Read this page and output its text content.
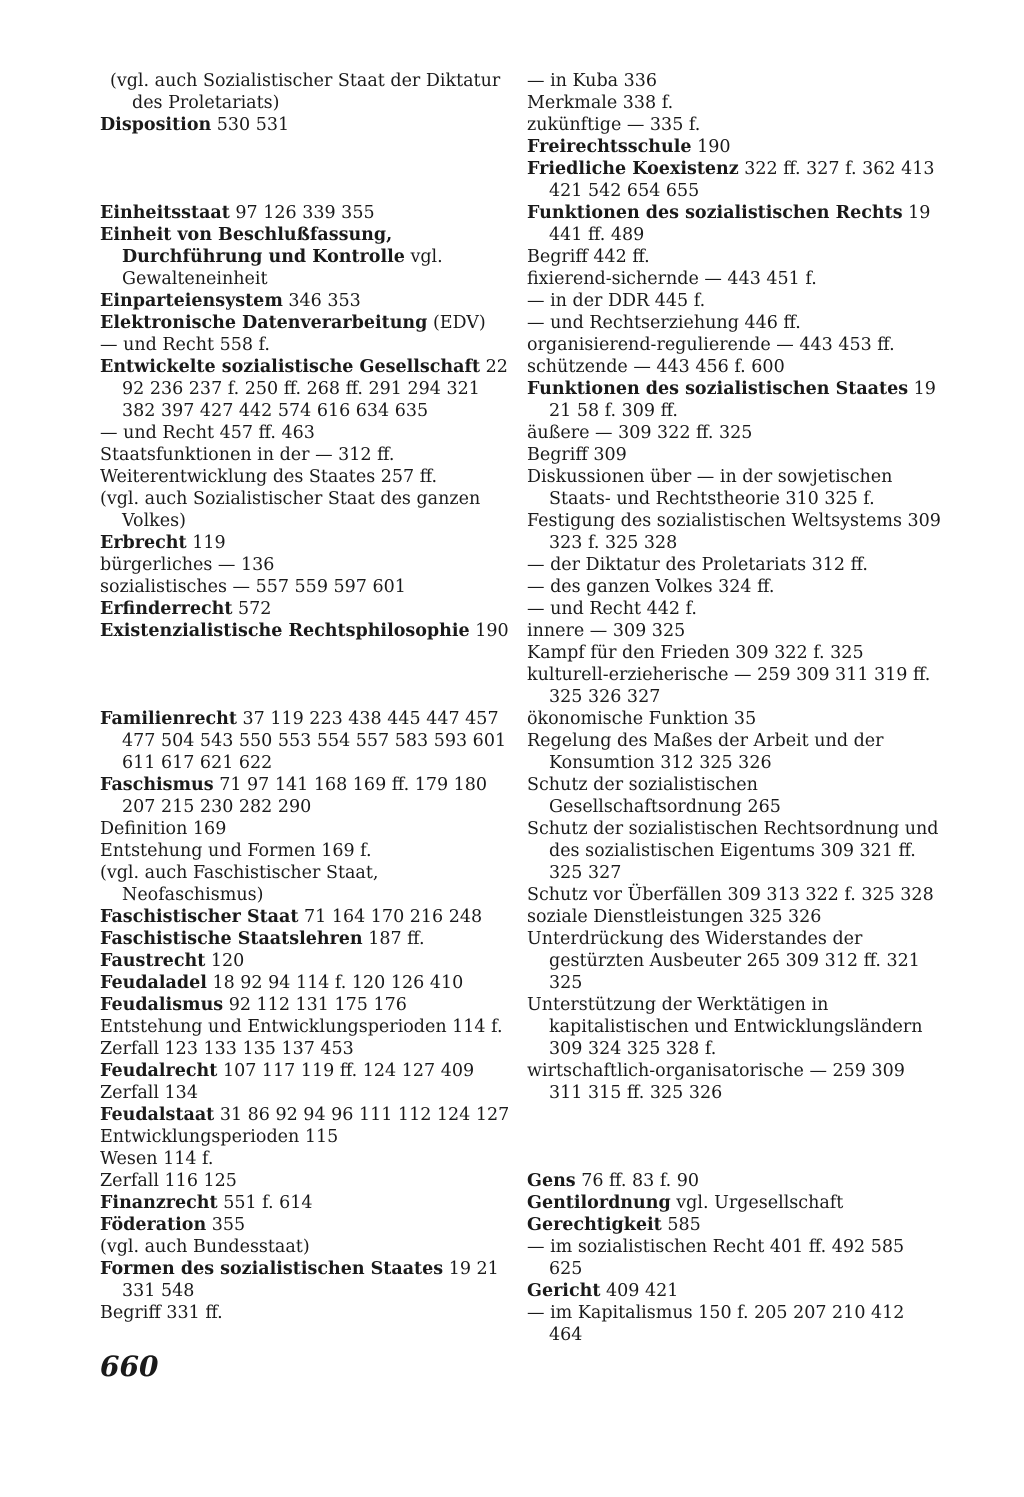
(vgl. auch Sozialistischer Staat der Diktatur des Proletariats)

Disposition 530 531

Einheitsstaat 97 126 339 355

Einheit von Beschlußfassung, Durchführung und Kontrolle vgl. Gewalteneinheit

Einparteiensystem 346 353

Elektronische Datenverarbeitung (EDV)

— und Recht 558 f.

Entwickelte sozialistische Gesellschaft 22 92 236 237 f. 250 ff. 268 ff. 291 294 321 382 397 427 442 574 616 634 635

— und Recht 457 ff. 463

Staatsfunktionen in der — 312 ff.

Weiterentwicklung des Staates 257 ff.

(vgl. auch Sozialistischer Staat des ganzen Volkes)

Erbrecht 119

bürgerliches — 136

sozialistisches — 557 559 597 601

Erfinderrecht 572

Existenzialistische Rechtsphilosophie 190

Familienrecht 37 119 223 438 445 447 457 477 504 543 550 553 554 557 583 593 601 611 617 621 622

Faschismus 71 97 141 168 169 ff. 179 180 207 215 230 282 290

Definition 169

Entstehung und Formen 169 f.

(vgl. auch Faschistischer Staat, Neofaschismus)

Faschistischer Staat 71 164 170 216 248

Faschistische Staatslehren 187 ff.

Faustrecht 120

Feudaladel 18 92 94 114 f. 120 126 410

Feudalismus 92 112 131 175 176

Entstehung und Entwicklungsperioden 114 f.

Zerfall 123 133 135 137 453

Feudalrecht 107 117 119 ff. 124 127 409

Zerfall 134

Feudalstaat 31 86 92 94 96 111 112 124 127

Entwicklungsperioden 115

Wesen 114 f.

Zerfall 116 125

Finanzrecht 551 f. 614

Föderation 355

(vgl. auch Bundesstaat)

Formen des sozialistischen Staates 19 21 331 548

Begriff 331 ff.

— in Kuba 336

Merkmale 338 f.

zukünftige — 335 f.

Freirechtsschule 190

Friedliche Koexistenz 322 ff. 327 f. 362 413 421 542 654 655

Funktionen des sozialistischen Rechts 19 441 ff. 489

Begriff 442 ff.

fixierend-sichernde — 443 451 f.

— in der DDR 445 f.

— und Rechtserziehung 446 ff.

organisierend-regulierende — 443 453 ff.

schützende — 443 456 f. 600

Funktionen des sozialistischen Staates 19 21 58 f. 309 ff.

äußere — 309 322 ff. 325

Begriff 309

Diskussionen über — in der sowjetischen Staats- und Rechtstheorie 310 325 f.

Festigung des sozialistischen Weltsystems 309 323 f. 325 328

— der Diktatur des Proletariats 312 ff.

— des ganzen Volkes 324 ff.

— und Recht 442 f.

innere — 309 325

Kampf für den Frieden 309 322 f. 325

kulturell-erzieherische — 259 309 311 319 ff. 325 326 327

ökonomische Funktion 35

Regelung des Maßes der Arbeit und der Konsumtion 312 325 326

Schutz der sozialistischen Gesellschaftsordnung 265

Schutz der sozialistischen Rechtsordnung und des sozialistischen Eigentums 309 321 ff. 325 327

Schutz vor Überfällen 309 313 322 f. 325 328

soziale Dienstleistungen 325 326

Unterdrückung des Widerstandes der gestürzten Ausbeuter 265 309 312 ff. 321 325

Unterstützung der Werktätigen in kapitalistischen und Entwicklungsländern 309 324 325 328 f.

wirtschaftlich-organisatorische — 259 309 311 315 ff. 325 326

Gens 76 ff. 83 f. 90

Gentilordnung vgl. Urgesellschaft

Gerechtigkeit 585

— im sozialistischen Recht 401 ff. 492 585 625

Gericht 409 421

— im Kapitalismus 150 f. 205 207 210 412 464

660
